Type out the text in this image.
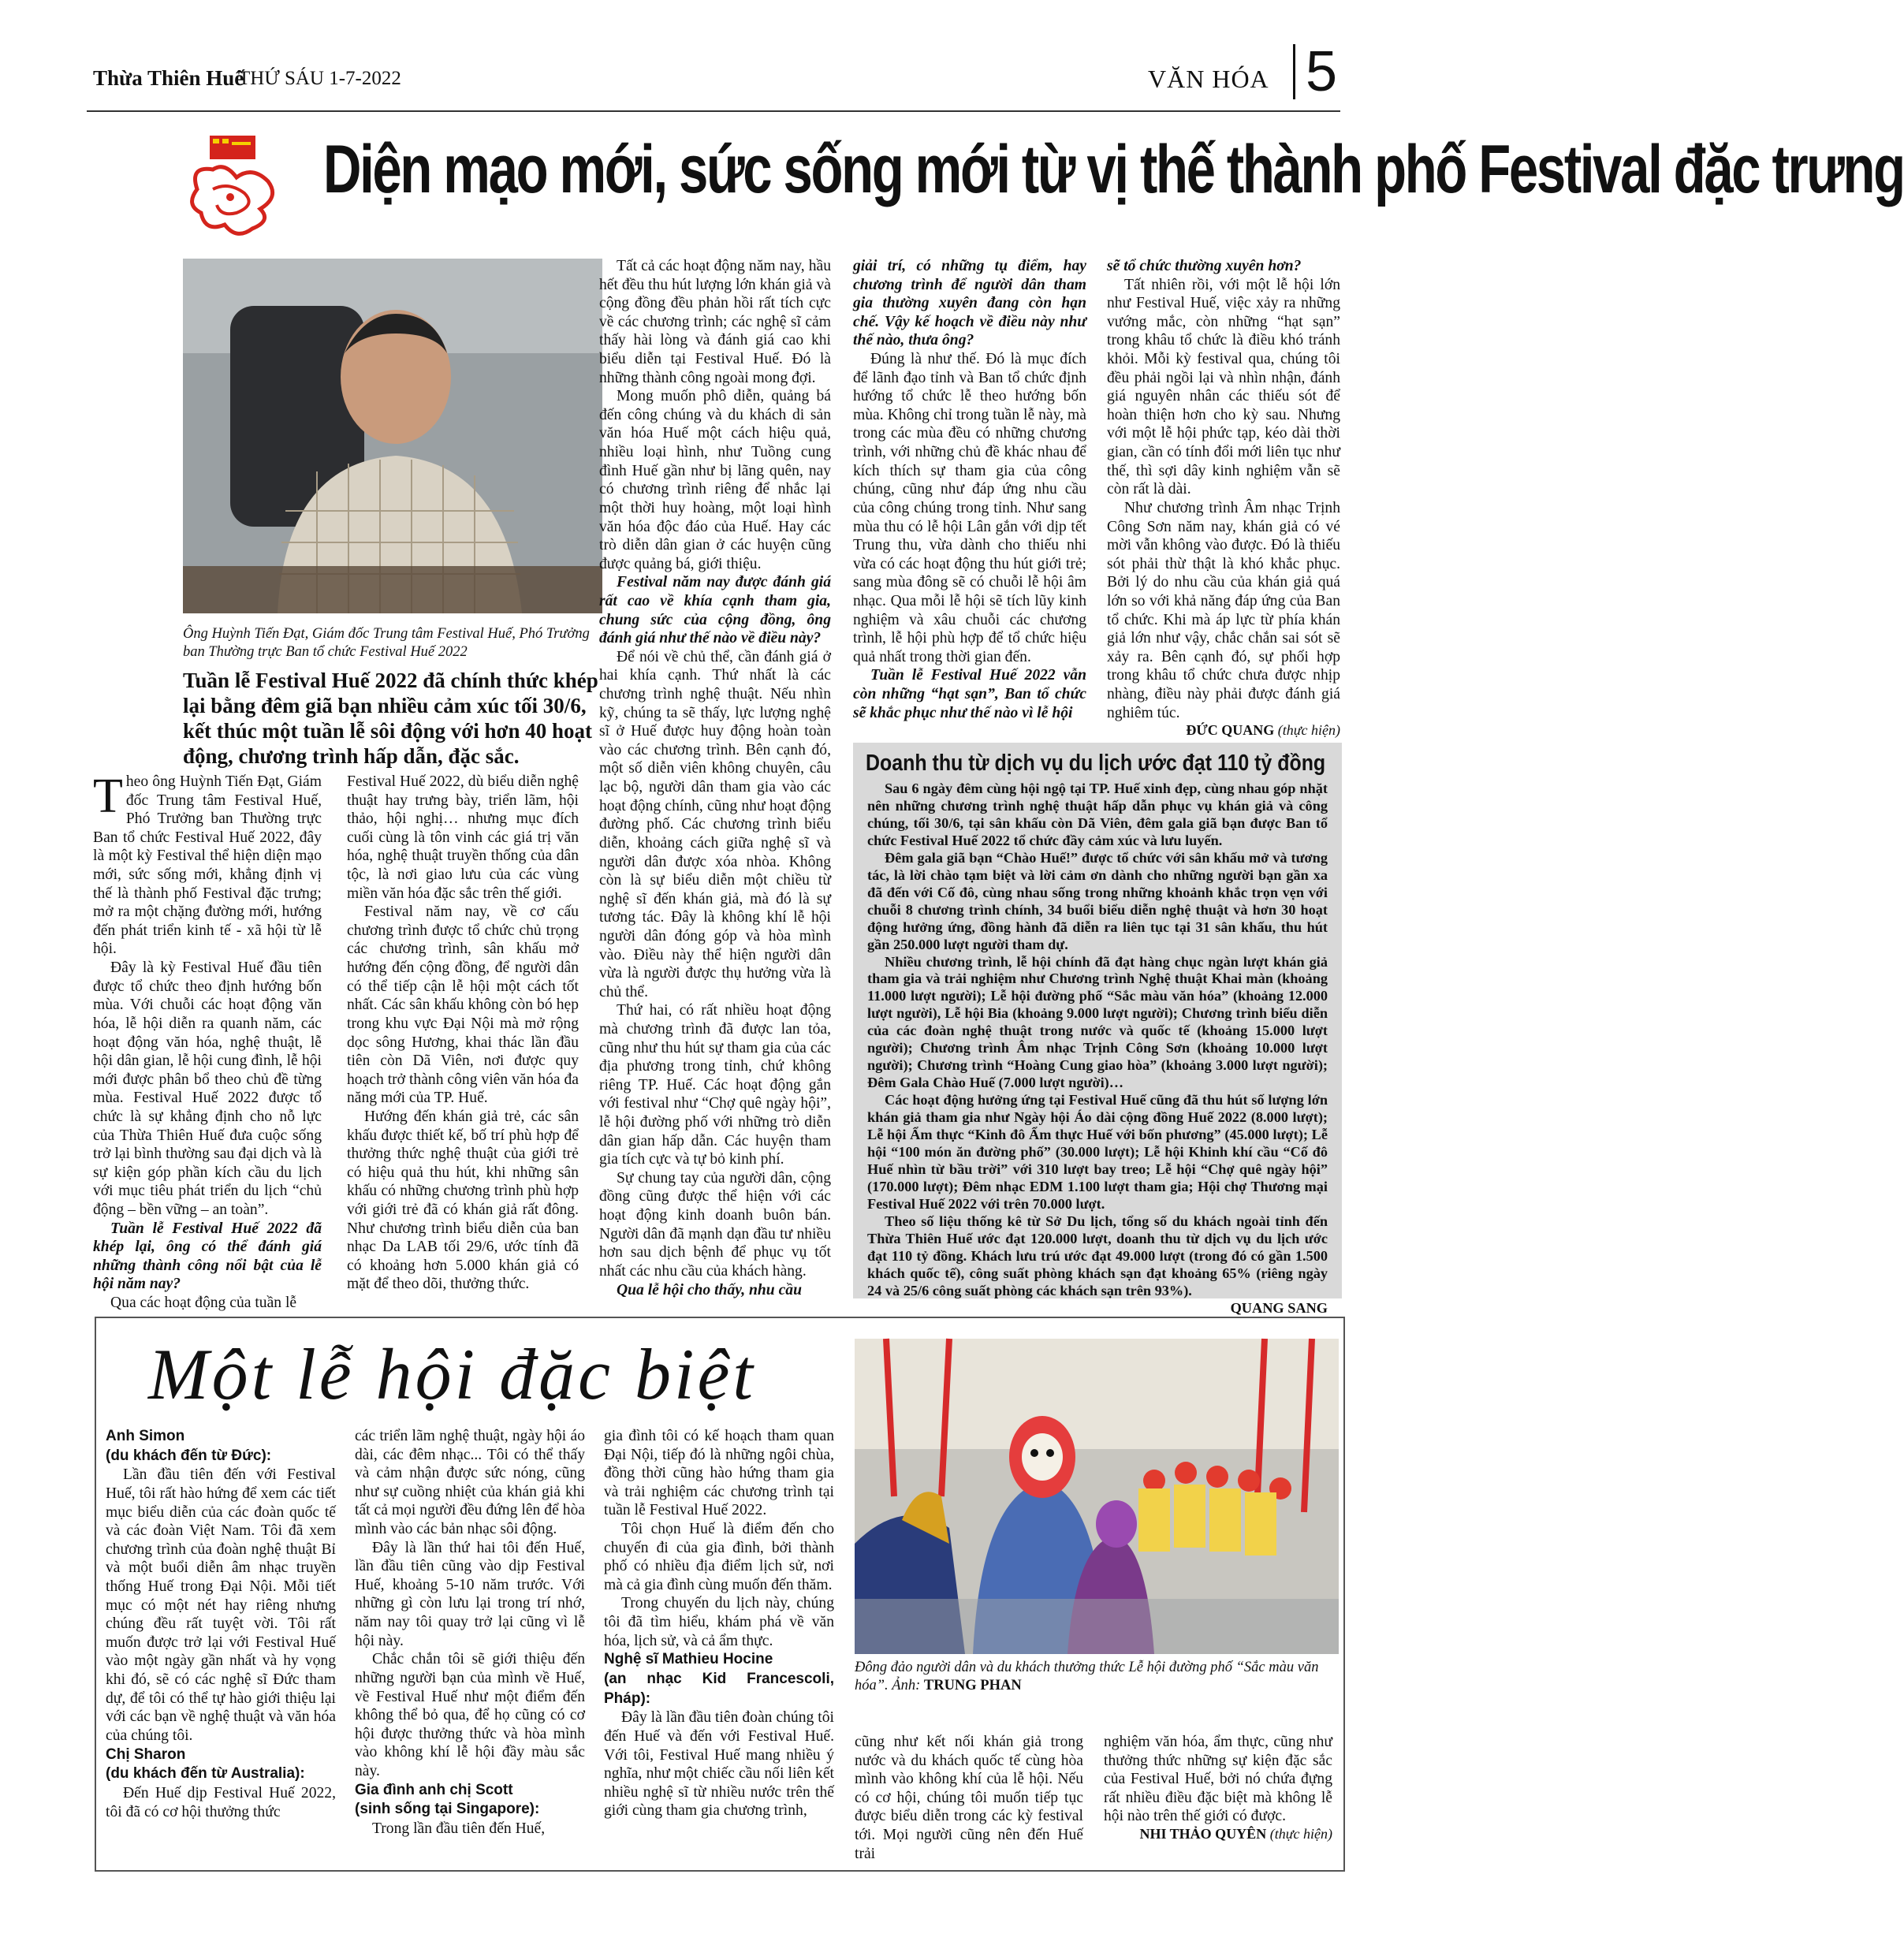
Thừa Thiên Huế
THỨ SÁU 1-7-2022	VĂN HÓA 5
Diện mạo mới, sức sống mới từ vị thế thành phố Festival đặc trưng
Ông Huỳnh Tiến Đạt, Giám đốc Trung tâm Festival Huế, Phó Trưởng ban Thường trực Ban tổ chức Festival Huế 2022
Tuần lễ Festival Huế 2022 đã chính thức khép lại bằng đêm giã bạn nhiều cảm xúc tối 30/6, kết thúc một tuần lễ sôi động với hơn 40 hoạt động, chương trình hấp dẫn, đặc sắc.

Theo ông Huỳnh Tiến Đạt, Giám đốc Trung tâm Festival Huế, Phó Trưởng ban Thường trực Ban tổ chức Festival Huế 2022, đây là một kỳ Festival thể hiện diện mạo mới, sức sống mới, khẳng định vị thế là thành phố Festival đặc trưng; mở ra một chặng đường mới, hướng đến phát triển kinh tế - xã hội từ lễ hội.

Đây là kỳ Festival Huế đầu tiên được tổ chức theo định hướng bốn mùa. Với chuỗi các hoạt động văn hóa, lễ hội diễn ra quanh năm, các hoạt động văn hóa, nghệ thuật, lễ hội dân gian, lễ hội cung đình, lễ hội mới được phân bổ theo chủ đề từng mùa. Festival Huế 2022 được tổ chức là sự khẳng định cho nỗ lực của Thừa Thiên Huế đưa cuộc sống trở lại bình thường sau đại dịch và là sự kiện góp phần kích cầu du lịch với mục tiêu phát triển du lịch “chủ động – bền vững – an toàn”.

Tuần lễ Festival Huế 2022 đã khép lại, ông có thể đánh giá những thành công nổi bật của lễ hội năm nay?

Qua các hoạt động của tuần lễ

Festival Huế 2022, dù biểu diễn nghệ thuật hay trưng bày, triển lãm, hội thảo, hội nghị… nhưng mục đích cuối cùng là tôn vinh các giá trị văn hóa, nghệ thuật truyền thống của dân tộc, là nơi giao lưu của các vùng miền văn hóa đặc sắc trên thế giới.

Festival năm nay, về cơ cấu chương trình được tổ chức chủ trọng các chương trình, sân khấu mở hướng đến cộng đồng, để người dân có thể tiếp cận lễ hội một cách tốt nhất. Các sân khấu không còn bó hẹp trong khu vực Đại Nội mà mở rộng dọc sông Hương, khai thác lần đầu tiên còn Dã Viên, nơi được quy hoạch trở thành công viên văn hóa đa năng mới của TP. Huế.

Hướng đến khán giả trẻ, các sân khấu được thiết kế, bố trí phù hợp để thưởng thức nghệ thuật của giới trẻ có hiệu quả thu hút, khi những sân khấu có những chương trình phù hợp với giới trẻ đã có khán giả rất đông. Như chương trình biểu diễn của ban nhạc Da LAB tối 29/6, ước tính đã có khoảng hơn 5.000 khán giả có mặt để theo dõi, thưởng thức.

Tất cả các hoạt động năm nay, hầu hết đều thu hút lượng lớn khán giả và cộng đồng đều phản hồi rất tích cực về các chương trình; các nghệ sĩ cảm thấy hài lòng và đánh giá cao khi biểu diễn tại Festival Huế. Đó là những thành công ngoài mong đợi.

Mong muốn phô diễn, quảng bá đến công chúng và du khách di sản văn hóa Huế một cách hiệu quả, nhiều loại hình, như Tuồng cung đình Huế gần như bị lãng quên, nay có chương trình riêng để nhắc lại một thời huy hoàng, một loại hình văn hóa độc đáo của Huế. Hay các trò diễn dân gian ở các huyện cũng được quảng bá, giới thiệu.

Festival năm nay được đánh giá rất cao về khía cạnh tham gia, chung sức của cộng đồng, ông đánh giá như thế nào về điều này?

Để nói về chủ thể, cần đánh giá ở hai khía cạnh. Thứ nhất là các chương trình nghệ thuật. Nếu nhìn kỹ, chúng ta sẽ thấy, lực lượng nghệ sĩ ở Huế được huy động hoàn toàn vào các chương trình. Bên cạnh đó, một số diễn viên không chuyên, câu lạc bộ, người dân tham gia vào các hoạt động chính, cũng như hoạt động đường phố. Các chương trình biểu diễn, khoảng cách giữa nghệ sĩ và người dân được xóa nhòa. Không còn là sự biểu diễn một chiều từ nghệ sĩ đến khán giả, mà đó là sự tương tác. Đây là không khí lễ hội người dân đóng góp và hòa mình vào. Điều này thể hiện người dân vừa là người được thụ hưởng vừa là chủ thể.

Thứ hai, có rất nhiều hoạt động mà chương trình đã được lan tỏa, cũng như thu hút sự tham gia của các địa phương trong tỉnh, chứ không riêng TP. Huế. Các hoạt động gắn với festival như “Chợ quê ngày hội”, lễ hội đường phố với những trò diễn dân gian hấp dẫn. Các huyện tham gia tích cực và tự bỏ kinh phí.

Sự chung tay của người dân, cộng đồng cũng được thể hiện với các hoạt động kinh doanh buôn bán. Người dân đã mạnh dạn đầu tư nhiều hơn sau dịch bệnh để phục vụ tốt nhất các nhu cầu của khách hàng.

Qua lễ hội cho thấy, nhu cầu

giải trí, có những tụ điểm, hay chương trình để người dân tham gia thường xuyên đang còn hạn chế. Vậy kế hoạch về điều này như thế nào, thưa ông?

Đúng là như thế. Đó là mục đích để lãnh đạo tỉnh và Ban tổ chức định hướng tổ chức lễ theo hướng bốn mùa. Không chỉ trong tuần lễ này, mà trong các mùa đều có những chương trình, với những chủ đề khác nhau để kích thích sự tham gia của công chúng, cũng như đáp ứng nhu cầu của công chúng trong tỉnh. Như sang mùa thu có lễ hội Lân gắn với dịp tết Trung thu, vừa dành cho thiếu nhi vừa có các hoạt động thu hút giới trẻ; sang mùa đông sẽ có chuỗi lễ hội âm nhạc. Qua mỗi lễ hội sẽ tích lũy kinh nghiệm và xâu chuỗi các chương trình, lễ hội phù hợp để tổ chức hiệu quả nhất trong thời gian đến.

Tuần lễ Festival Huế 2022 vẫn còn những “hạt sạn”, Ban tổ chức sẽ khắc phục như thế nào vì lễ hội

sẽ tổ chức thường xuyên hơn?

Tất nhiên rồi, với một lễ hội lớn như Festival Huế, việc xảy ra những vướng mắc, còn những “hạt sạn” trong khâu tổ chức là điều khó tránh khỏi. Mỗi kỳ festival qua, chúng tôi đều phải ngồi lại và nhìn nhận, đánh giá nguyên nhân các thiếu sót để hoàn thiện hơn cho kỳ sau. Nhưng với một lễ hội phức tạp, kéo dài thời gian, cần có tính đổi mới liên tục như thế, thì sợi dây kinh nghiệm vẫn sẽ còn rất là dài.

Như chương trình Âm nhạc Trịnh Công Sơn năm nay, khán giả có vé mời vẫn không vào được. Đó là thiếu sót phải thừ thật là khó khắc phục. Bởi lý do nhu cầu của khán giả quá lớn so với khả năng đáp ứng của Ban tổ chức. Khi mà áp lực từ phía khán giả lớn như vậy, chắc chắn sai sót sẽ xảy ra. Bên cạnh đó, sự phối hợp trong khâu tổ chức chưa được nhịp nhàng, điều này phải được đánh giá nghiêm túc.

ĐỨC QUANG (thực hiện)
Doanh thu từ dịch vụ du lịch ước đạt 110 tỷ đồng

Sau 6 ngày đêm cùng hội ngộ tại TP. Huế xinh đẹp, cùng nhau góp nhặt nên những chương trình nghệ thuật hấp dẫn phục vụ khán giả và công chúng, tối 30/6, tại sân khấu còn Dã Viên, đêm gala giã bạn được Ban tổ chức Festival Huế 2022 tổ chức đầy cảm xúc và lưu luyến.

Đêm gala giã bạn “Chào Huế!” được tổ chức với sân khấu mở và tương tác, là lời chào tạm biệt và lời cảm ơn dành cho những người bạn gần xa đã đến với Cố đô, cùng nhau sống trong những khoảnh khắc trọn vẹn với chuỗi 8 chương trình chính, 34 buổi biểu diễn nghệ thuật và hơn 30 hoạt động hưởng ứng, đồng hành đã diễn ra liên tục tại 31 sân khấu, thu hút gần 250.000 lượt người tham dự.

Nhiều chương trình, lễ hội chính đã đạt hàng chục ngàn lượt khán giả tham gia và trải nghiệm như Chương trình Nghệ thuật Khai màn (khoảng 11.000 lượt người); Lễ hội đường phố “Sắc màu văn hóa” (khoảng 12.000 lượt người), Lễ hội Bia (khoảng 9.000 lượt người); Chương trình biểu diễn của các đoàn nghệ thuật trong nước và quốc tế (khoảng 15.000 lượt người); Chương trình Âm nhạc Trịnh Công Sơn (khoảng 10.000 lượt người); Chương trình “Hoàng Cung giao hòa” (khoảng 3.000 lượt người); Đêm Gala Chào Huế (7.000 lượt người)…

Các hoạt động hưởng ứng tại Festival Huế cũng đã thu hút số lượng lớn khán giả tham gia như Ngày hội Áo dài cộng đồng Huế 2022 (8.000 lượt); Lễ hội Ẩm thực “Kinh đô Ẩm thực Huế với bốn phương” (45.000 lượt); Lễ hội “100 món ăn đường phố” (30.000 lượt); Lễ hội Khinh khí cầu “Cố đô Huế nhìn từ bầu trời” với 310 lượt bay treo; Lễ hội “Chợ quê ngày hội” (170.000 lượt); Đêm nhạc EDM 1.100 lượt tham gia; Hội chợ Thương mại Festival Huế 2022 với trên 70.000 lượt.

Theo số liệu thống kê từ Sở Du lịch, tổng số du khách ngoài tỉnh đến Thừa Thiên Huế ước đạt 120.000 lượt, doanh thu từ dịch vụ du lịch ước đạt 110 tỷ đồng. Khách lưu trú ước đạt 49.000 lượt (trong đó có gần 1.500 khách quốc tế), công suất phòng khách sạn đạt khoảng 65% (riêng ngày 24 và 25/6 công suất phòng các khách sạn trên 93%).

QUANG SANG
Một lễ hội đặc biệt
Đông đảo người dân và du khách thưởng thức Lễ hội đường phố “Sắc màu văn hóa”. Ảnh: TRUNG PHAN
Anh Simon
(du khách đến từ Đức):

Lần đầu tiên đến với Festival Huế, tôi rất hào hứng để xem các tiết mục biểu diễn của các đoàn quốc tế và các đoàn Việt Nam. Tôi đã xem chương trình của đoàn nghệ thuật Bỉ và một buổi diễn âm nhạc truyền thống Huế trong Đại Nội. Mỗi tiết mục có một nét hay riêng nhưng chúng đều rất tuyệt vời. Tôi rất muốn được trở lại với Festival Huế vào một ngày gần nhất và hy vọng khi đó, sẽ có các nghệ sĩ Đức tham dự, để tôi có thể tự hào giới thiệu lại với các bạn về nghệ thuật và văn hóa của chúng tôi.

Chị Sharon
(du khách đến từ Australia):

Đến Huế dịp Festival Huế 2022, tôi đã có cơ hội thưởng thức

các triển lãm nghệ thuật, ngày hội áo dài, các đêm nhạc... Tôi có thể thấy và cảm nhận được sức nóng, cũng như sự cuồng nhiệt của khán giả khi tất cả mọi người đều đứng lên để hòa mình vào các bản nhạc sôi động.

Đây là lần thứ hai tôi đến Huế, lần đầu tiên cũng vào dịp Festival Huế, khoảng 5-10 năm trước. Với những gì còn lưu lại trong trí nhớ, năm nay tôi quay trở lại cũng vì lễ hội này.

Chắc chắn tôi sẽ giới thiệu đến những người bạn của mình về Huế, về Festival Huế như một điểm đến không thể bỏ qua, để họ cũng có cơ hội được thưởng thức và hòa mình vào không khí lễ hội đầy màu sắc này.

Gia đình anh chị Scott
(sinh sống tại Singapore):

Trong lần đầu tiên đến Huế,

gia đình tôi có kế hoạch tham quan Đại Nội, tiếp đó là những ngôi chùa, đồng thời cũng hào hứng tham gia và trải nghiệm các chương trình tại tuần lễ Festival Huế 2022.

Tôi chọn Huế là điểm đến cho chuyến đi của gia đình, bởi thành phố có nhiều địa điểm lịch sử, nơi mà cả gia đình cùng muốn đến thăm.

Trong chuyến du lịch này, chúng tôi đã tìm hiểu, khám phá về văn hóa, lịch sử, và cả ẩm thực.

Nghệ sĩ Mathieu Hocine
(an nhạc Kid Francescoli, Pháp):

Đây là lần đầu tiên đoàn chúng tôi đến Huế và đến với Festival Huế. Với tôi, Festival Huế mang nhiều ý nghĩa, như một chiếc cầu nối liên kết nhiều nghệ sĩ từ nhiều nước trên thế giới cùng tham gia chương trình,

cũng như kết nối khán giả trong nước và du khách quốc tế cùng hòa mình vào không khí của lễ hội. Nếu có cơ hội, chúng tôi muốn tiếp tục được biểu diễn trong các kỳ festival tới. Mọi người cũng nên đến Huế trải

nghiệm văn hóa, ẩm thực, cũng như thưởng thức những sự kiện đặc sắc của Festival Huế, bởi nó chứa đựng rất nhiều điều đặc biệt mà không lễ hội nào trên thế giới có được.

NHI THẢO QUYÊN (thực hiện)
